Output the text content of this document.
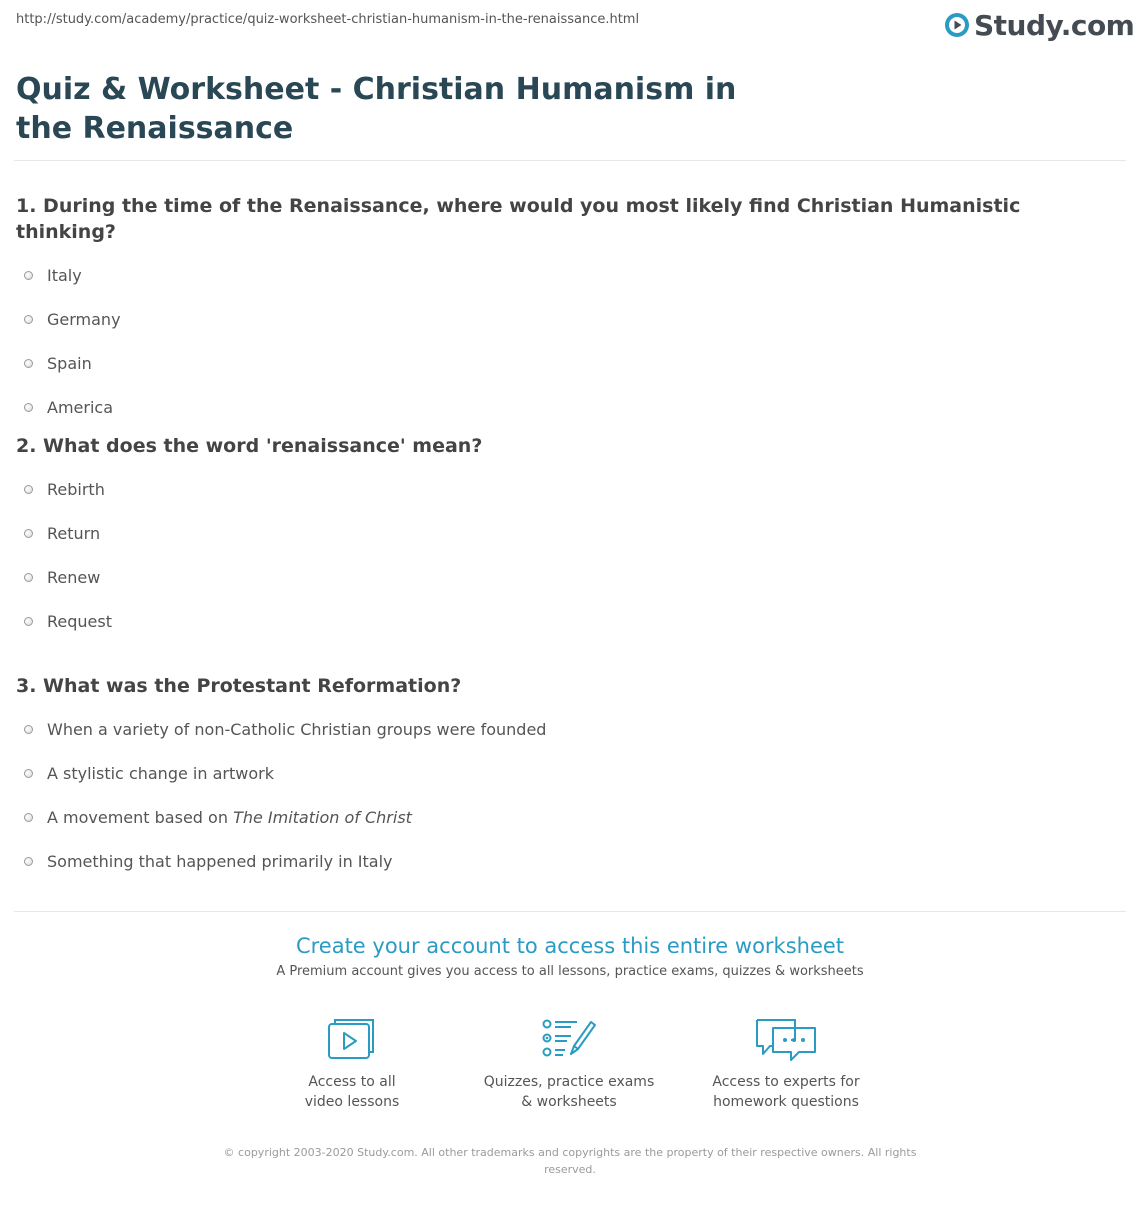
http://study.com/academy/practice/quiz-worksheet-christian-humanism-in-the-renaissance.html	Study.com
Quiz & Worksheet - Christian Humanism in the Renaissance

1. During the time of the Renaissance, where would you most likely find Christian Humanistic thinking?

Italy
Germany
Spain
America

2. What does the word 'renaissance' mean?

Rebirth
Return
Renew
Request

3. What was the Protestant Reformation?

When a variety of non-Catholic Christian groups were founded
A stylistic change in artwork
A movement based on The Imitation of Christ
Something that happened primarily in Italy

Create your account to access this entire worksheet

A Premium account gives you access to all lessons, practice exams, quizzes & worksheets

Access to all
video lessons
Quizzes, practice exams
& worksheets
Access to experts for
homework questions

© copyright 2003-2020 Study.com. All other trademarks and copyrights are the property of their respective owners. All rights reserved.
